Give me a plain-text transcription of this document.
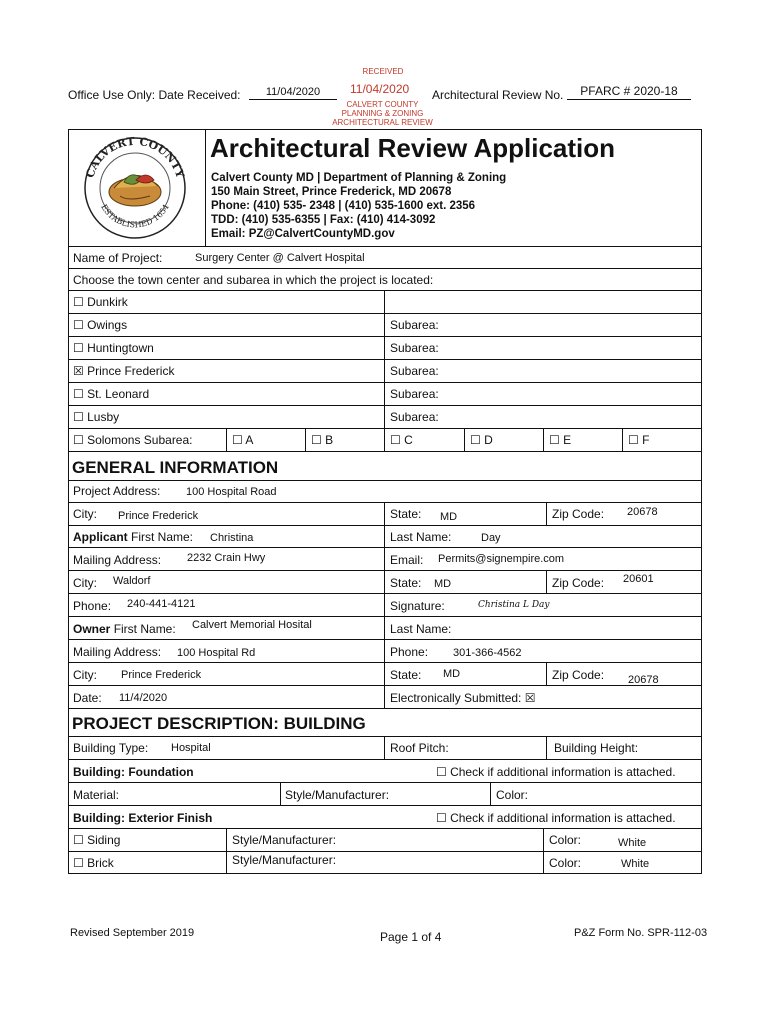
RECEIVED
Office Use Only: Date Received:	11/04/2020	11/04/2020
CALVERT COUNTY
PLANNING & ZONING
ARCHITECTURAL REVIEW
Architectural Review No.	PFARC # 2020-18
CALVERT COUNTY
ESTABLISHED 1654
Architectural Review Application
Calvert County MD | Department of Planning & Zoning
150 Main Street, Prince Frederick, MD 20678
Phone: (410) 535- 2348 | (410) 535-1600 ext. 2356
TDD: (410) 535-6355 | Fax: (410) 414-3092
Email: PZ@CalvertCountyMD.gov
Name of Project:	Surgery Center @ Calvert Hospital
Choose the town center and subarea in which the project is located:
☐ Dunkirk
☐ Owings	Subarea:
☐ Huntingtown	Subarea:
☒ Prince Frederick	Subarea:
☐ St. Leonard	Subarea:
☐ Lusby	Subarea:
☐ Solomons Subarea:	☐ A	☐ B	☐ C	☐ D	☐ E	☐ F
GENERAL INFORMATION
Project Address: 100 Hospital Road
City: Prince Frederick	State: MD	Zip Code: 20678
Applicant First Name: Christina	Last Name:	Day
Mailing Address: 2232 Crain Hwy	Email: Permits@signempire.com
City: Waldorf	State: MD	Zip Code: 20601
Phone: 240-441-4121	Signature:	Christina L Day
Owner First Name: Calvert Memorial Hosital	Last Name:
Mailing Address: 100 Hospital Rd	Phone: 301-366-4562
City: Prince Frederick	State: MD	Zip Code: 20678
Date: 11/4/2020	Electronically Submitted: ☒
PROJECT DESCRIPTION: BUILDING
Building Type: Hospital	Roof Pitch:	Building Height:
Building: Foundation	☐ Check if additional information is attached.
Material:	Style/Manufacturer:	Color:
Building: Exterior Finish	☐ Check if additional information is attached.
☐ Siding	Style/Manufacturer:	Color:	White
☐ Brick	Style/Manufacturer:	Color:	White
Revised September 2019	Page 1 of 4	P&Z Form No. SPR-112-03
